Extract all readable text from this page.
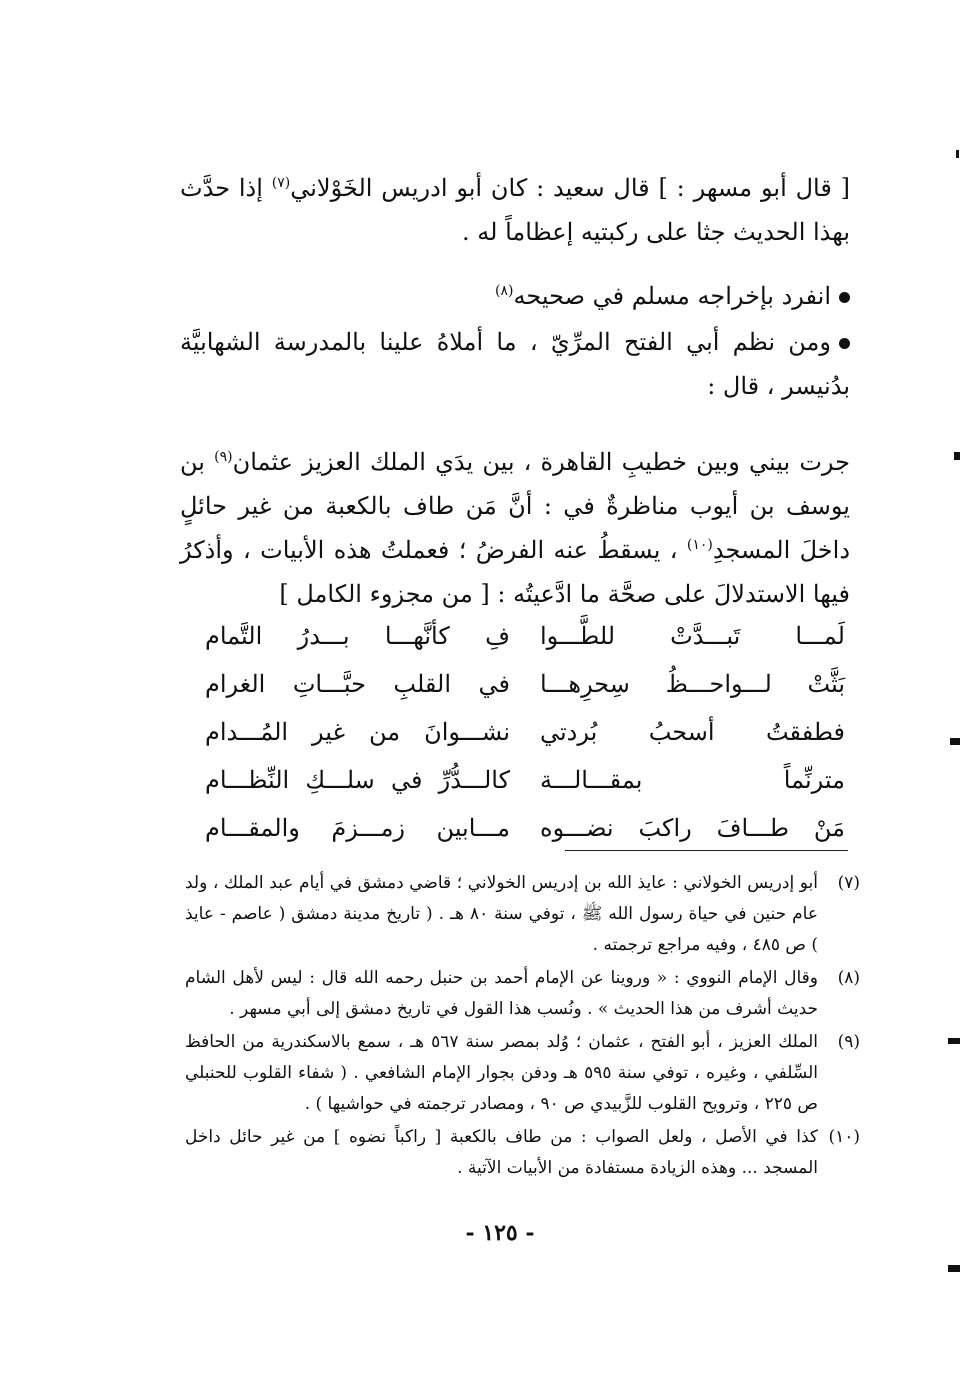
[ قال أبو مسهر : ] قال سعيد : كان أبو ادريس الخَوْلاني$^{(٧)}$ إذا حدَّث بهذا الحديث جثا على ركبتيه إعظاماً له .

انفرد بإخراجه مسلم في صحيحه$^{(٨)}$

ومن نظم أبي الفتح المرِّيّ ، ما أملاهُ علينا بالمدرسة الشهابيَّة بدُنيسر ، قال :

جرت بيني وبين خطيبِ القاهرة ، بين يدَي الملك العزيز عثمان$^{(٩)}$ بن يوسف بن أيوب مناظرةٌ في : أنَّ مَن طاف بالكعبة من غير حائلٍ داخلَ المسجدِ$^{(١٠)}$ ، يسقطُ عنه الفرضُ ؛ فعملتُ هذه الأبيات ، وأذكرُ فيها الاستدلالَ على صحَّة ما ادَّعيتُه : [ من مجزوء الكامل ]

لَمـــا تَبـــدَّتْ للطَّـــوا
فِ كأنَّهـــا بـــدرُ التَّمام
بَثَّتْ لـــواحـــظُ سِحرِهـــا
في القلبِ حبَّـــاتِ الغرام
فطفقتُ أسحبُ بُردتي
نشـــوانَ من غير المُـــدام
مترنِّماً بمقـــالـــة
كالـــدُّرِّ في سلـــكِ النِّظـــام
مَنْ طـــافَ راكبَ نضـــوه
مـــابين زمـــزمَ والمقـــام
(٧)
أبو إدريس الخولاني : عايذ الله بن إدريس الخولاني ؛ قاضي دمشق في أيام عبد الملك ، ولد عام حنين في حياة رسول الله ﷺ ، توفي سنة ٨٠ هـ . ( تاريخ مدينة دمشق ( عاصم - عايذ ) ص ٤٨٥ ، وفيه مراجع ترجمته .
(٨)
وقال الإمام النووي : « وروينا عن الإمام أحمد بن حنبل رحمه الله قال : ليس لأهل الشام حديث أشرف من هذا الحديث » . ونُسب هذا القول في تاريخ دمشق إلى أبي مسهر .
(٩)
الملك العزيز ، أبو الفتح ، عثمان ؛ وُلد بمصر سنة ٥٦٧ هـ ، سمع بالاسكندرية من الحافظ السِّلفي ، وغيره ، توفي سنة ٥٩٥ هـ ودفن بجوار الإمام الشافعي . ( شفاء القلوب للحنبلي ص ٢٢٥ ، وترويح القلوب للزَّبيدي ص ٩٠ ، ومصادر ترجمته في حواشيها ) .
(١٠)
كذا في الأصل ، ولعل الصواب : من طاف بالكعبة [ راكباً نضوه ] من غير حائل داخل المسجد ... وهذه الزيادة مستفادة من الأبيات الآتية .
- ١٢٥ -
